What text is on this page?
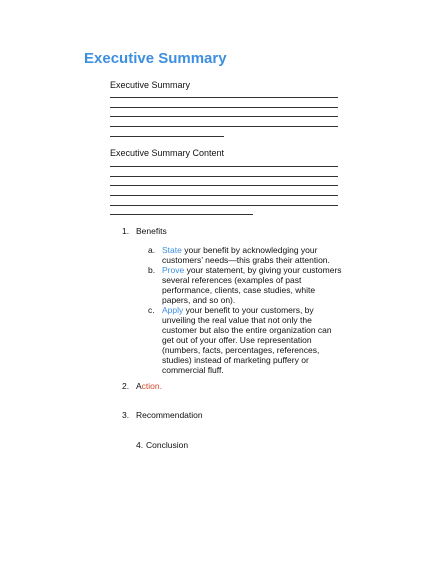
Executive Summary
Executive Summary
Executive Summary Content
1. Benefits
a. State your benefit by acknowledging your customers’ needs—this grabs their attention.
b. Prove your statement, by giving your customers several references (examples of past performance, clients, case studies, white papers, and so on).
c. Apply your benefit to your customers, by unveiling the real value that not only the customer but also the entire organization can get out of your offer. Use representation (numbers, facts, percentages, references, studies) instead of marketing puffery or commercial fluff.
2. Action.
3. Recommendation
4. Conclusion
